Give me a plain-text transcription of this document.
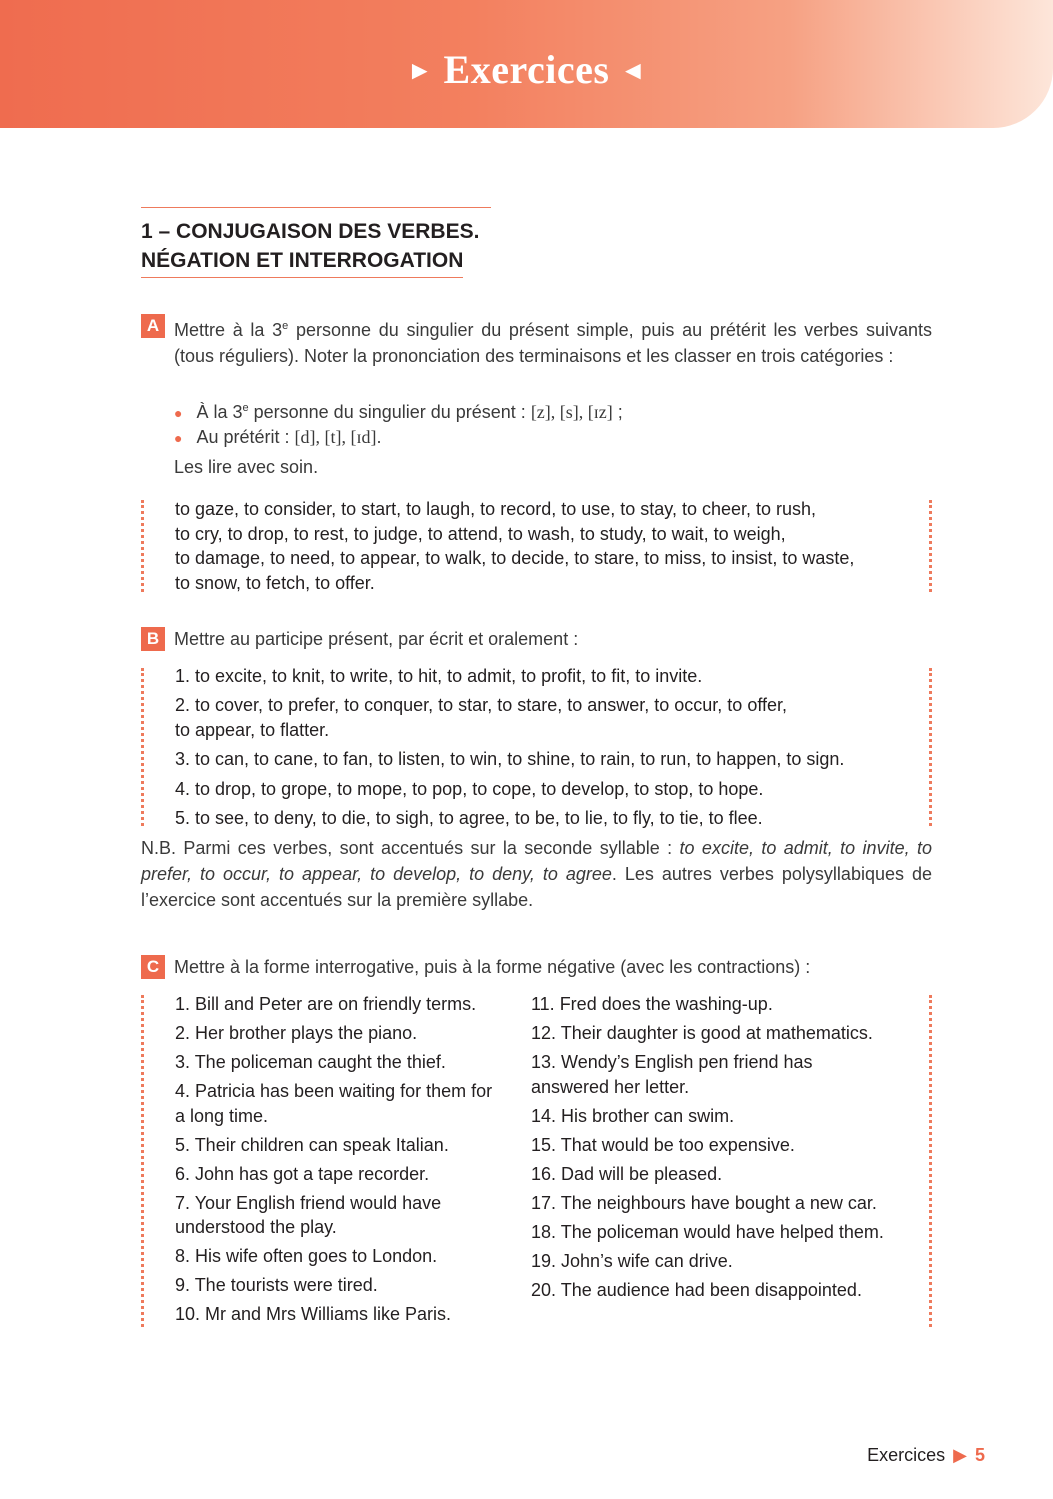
► Exercices ◄
1 – CONJUGAISON DES VERBES.
NÉGATION ET INTERROGATION
A Mettre à la 3e personne du singulier du présent simple, puis au prétérit les verbes suivants (tous réguliers). Noter la prononciation des terminaisons et les classer en trois catégories :
● À la 3e personne du singulier du présent : [z], [s], [ɪz] ;
● Au prétérit : [d], [t], [ɪd].
Les lire avec soin.
to gaze, to consider, to start, to laugh, to record, to use, to stay, to cheer, to rush,
to cry, to drop, to rest, to judge, to attend, to wash, to study, to wait, to weigh,
to damage, to need, to appear, to walk, to decide, to stare, to miss, to insist, to waste,
to snow, to fetch, to offer.
B Mettre au participe présent, par écrit et oralement :
1. to excite, to knit, to write, to hit, to admit, to profit, to fit, to invite.
2. to cover, to prefer, to conquer, to star, to stare, to answer, to occur, to offer,
to appear, to flatter.
3. to can, to cane, to fan, to listen, to win, to shine, to rain, to run, to happen, to sign.
4. to drop, to grope, to mope, to pop, to cope, to develop, to stop, to hope.
5. to see, to deny, to die, to sigh, to agree, to be, to lie, to fly, to tie, to flee.
N.B. Parmi ces verbes, sont accentués sur la seconde syllable : to excite, to admit, to invite, to prefer, to occur, to appear, to develop, to deny, to agree. Les autres verbes polysyllabiques de l’exercice sont accentués sur la première syllabe.
C Mettre à la forme interrogative, puis à la forme négative (avec les contractions) :
1. Bill and Peter are on friendly terms.
2. Her brother plays the piano.
3. The policeman caught the thief.
4. Patricia has been waiting for them for a long time.
5. Their children can speak Italian.
6. John has got a tape recorder.
7. Your English friend would have understood the play.
8. His wife often goes to London.
9. The tourists were tired.
10. Mr and Mrs Williams like Paris.
11. Fred does the washing-up.
12. Their daughter is good at mathematics.
13. Wendy’s English pen friend has answered her letter.
14. His brother can swim.
15. That would be too expensive.
16. Dad will be pleased.
17. The neighbours have bought a new car.
18. The policeman would have helped them.
19. John’s wife can drive.
20. The audience had been disappointed.
Exercices ▶ 5
